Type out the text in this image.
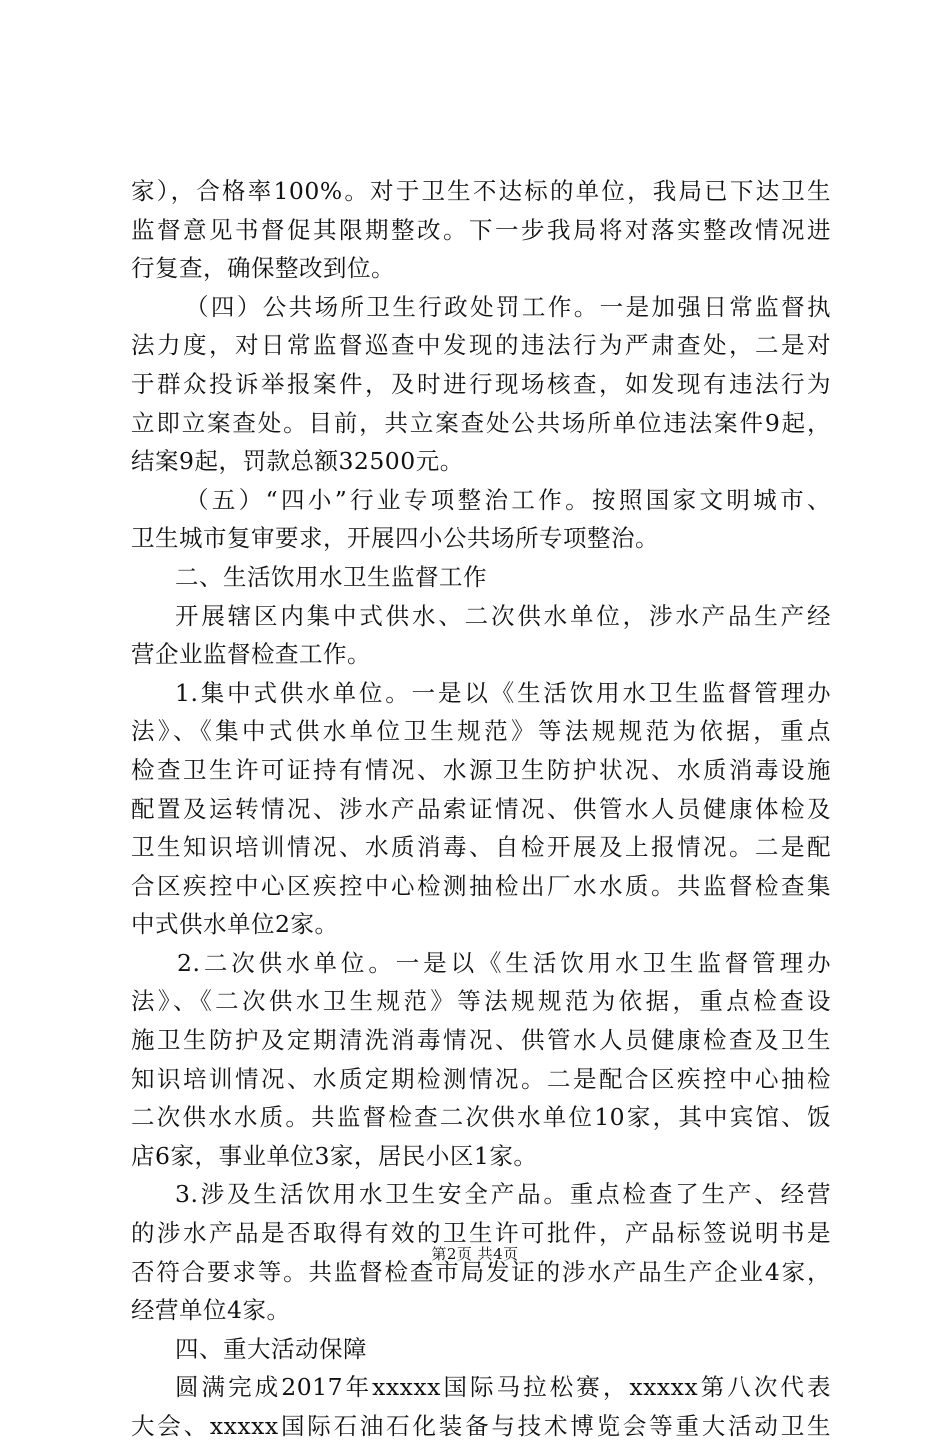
家），合格率100%。对于卫生不达标的单位，我局已下达卫生
监督意见书督促其限期整改。下一步我局将对落实整改情况进
行复查，确保整改到位。
（四）公共场所卫生行政处罚工作。一是加强日常监督执
法力度，对日常监督巡查中发现的违法行为严肃查处，二是对
于群众投诉举报案件，及时进行现场核查，如发现有违法行为
立即立案查处。目前，共立案查处公共场所单位违法案件9起，
结案9起，罚款总额32500元。
（五）“四小”行业专项整治工作。按照国家文明城市、
卫生城市复审要求，开展四小公共场所专项整治。
二、生活饮用水卫生监督工作
开展辖区内集中式供水、二次供水单位，涉水产品生产经
营企业监督检查工作。
1.集中式供水单位。一是以《生活饮用水卫生监督管理办
法》、《集中式供水单位卫生规范》等法规规范为依据，重点
检查卫生许可证持有情况、水源卫生防护状况、水质消毒设施
配置及运转情况、涉水产品索证情况、供管水人员健康体检及
卫生知识培训情况、水质消毒、自检开展及上报情况。二是配
合区疾控中心区疾控中心检测抽检出厂水水质。共监督检查集
中式供水单位2家。
2.二次供水单位。一是以《生活饮用水卫生监督管理办
法》、《二次供水卫生规范》等法规规范为依据，重点检查设
施卫生防护及定期清洗消毒情况、供管水人员健康检查及卫生
知识培训情况、水质定期检测情况。二是配合区疾控中心抽检
二次供水水质。共监督检查二次供水单位10家，其中宾馆、饭
店6家，事业单位3家，居民小区1家。
3.涉及生活饮用水卫生安全产品。重点检查了生产、经营
的涉水产品是否取得有效的卫生许可批件，产品标签说明书是
否符合要求等。共监督检查市局发证的涉水产品生产企业4家，
经营单位4家。
四、重大活动保障
圆满完成2017年xxxxx国际马拉松赛，xxxxx第八次代表
大会、xxxxx国际石油石化装备与技术博览会等重大活动卫生
第2页 共4页
